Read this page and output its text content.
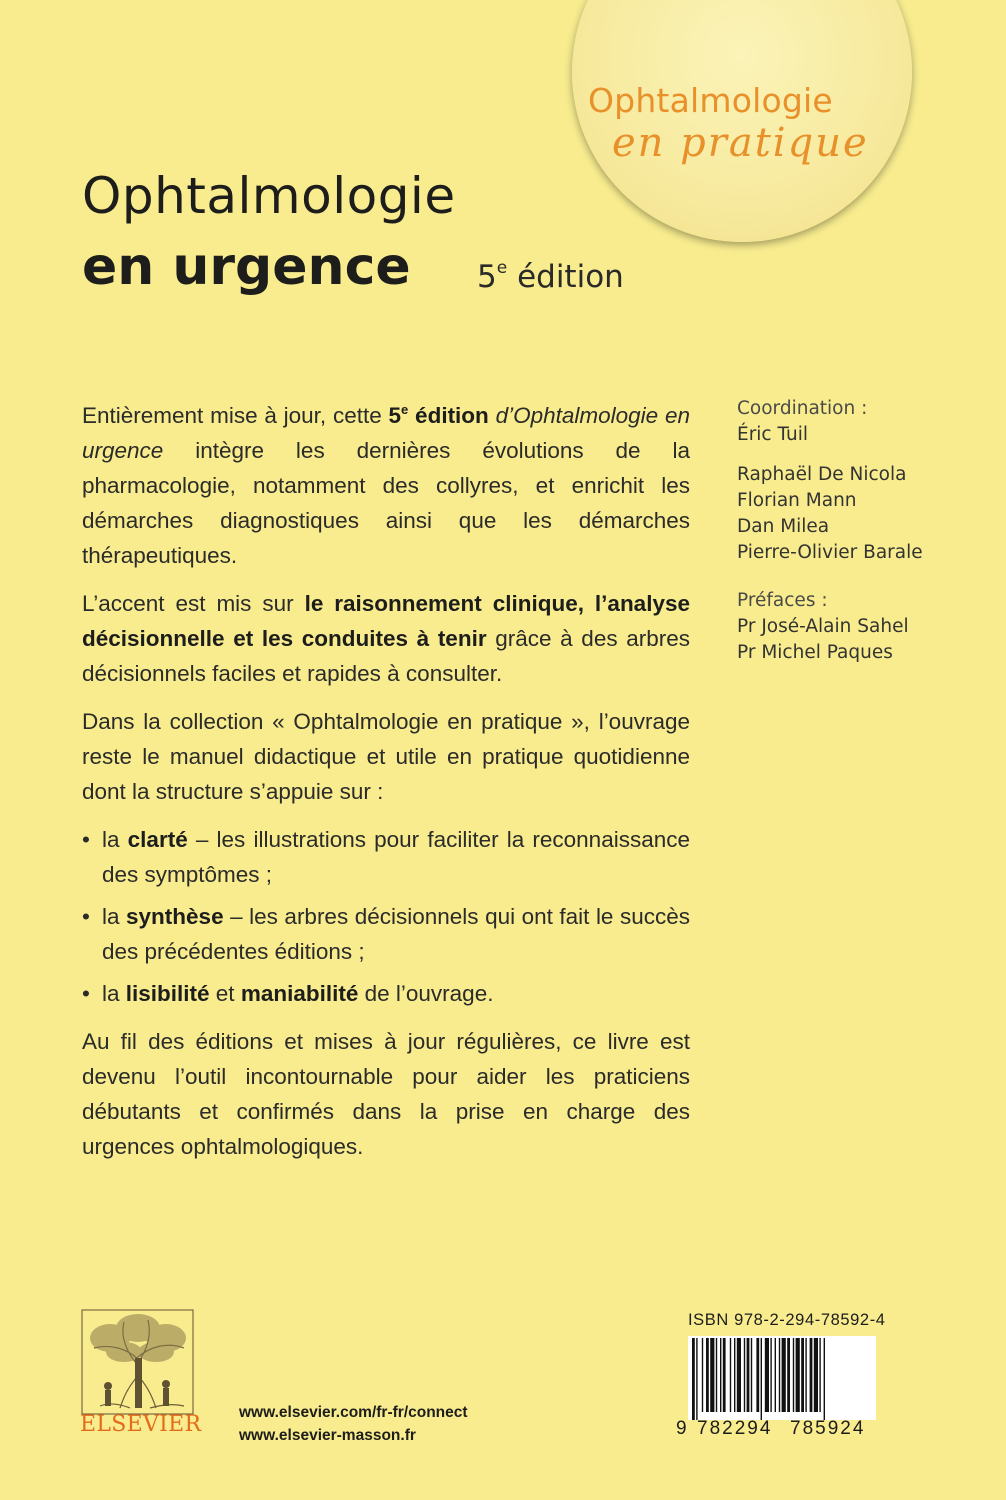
Ophtalmologie
en pratique
Ophtalmologie
en urgence 5e édition

Entièrement mise à jour, cette 5e édition d’Ophtalmologie en urgence intègre les dernières évolutions de la pharmacologie, notamment des collyres, et enrichit les démarches diagnostiques ainsi que les démarches thérapeutiques.

L’accent est mis sur le raisonnement clinique, l’analyse décisionnelle et les conduites à tenir grâce à des arbres décisionnels faciles et rapides à consulter.

Dans la collection « Ophtalmologie en pratique », l’ouvrage reste le manuel didactique et utile en pratique quotidienne dont la structure s’appuie sur :

• la clarté – les illustrations pour faciliter la reconnaissance des symptômes ;
• la synthèse – les arbres décisionnels qui ont fait le succès des précédentes éditions ;
• la lisibilité et maniabilité de l’ouvrage.

Au fil des éditions et mises à jour régulières, ce livre est devenu l’outil incontournable pour aider les praticiens débutants et confirmés dans la prise en charge des urgences ophtalmologiques.

Coordination :
Éric Tuil
Raphaël De Nicola
Florian Mann
Dan Milea
Pierre-Olivier Barale
Préfaces :
Pr José-Alain Sahel
Pr Michel Paques
ELSEVIER www.elsevier.com/fr-fr/connect
www.elsevier-masson.fr
ISBN 978-2-294-78592-4
9 782294 785924
